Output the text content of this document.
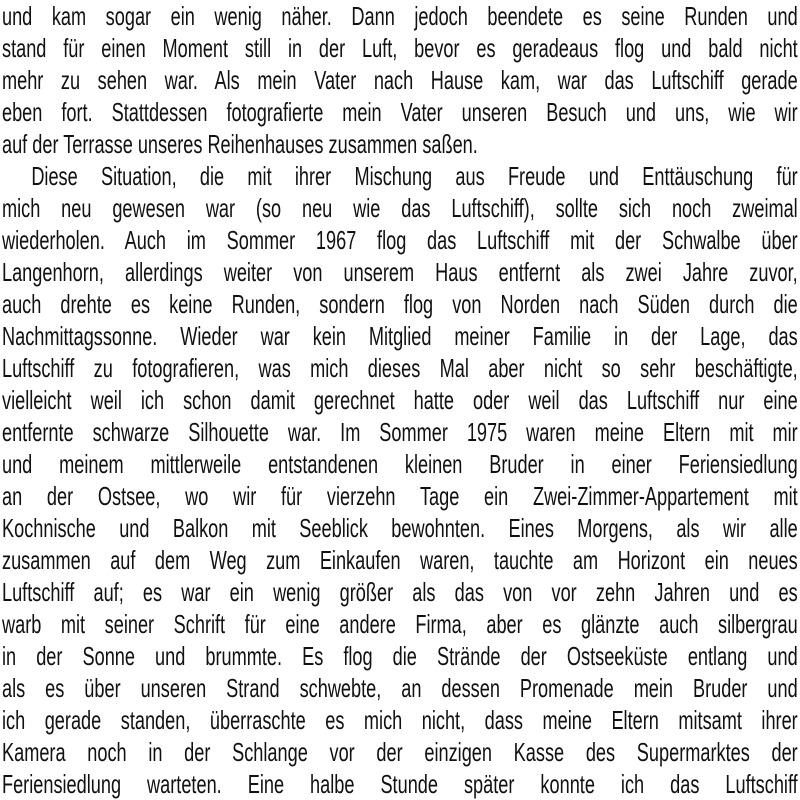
und kam sogar ein wenig näher. Dann jedoch beendete es seine Runden und
stand für einen Moment still in der Luft, bevor es geradeaus flog und bald nicht
mehr zu sehen war. Als mein Vater nach Hause kam, war das Luftschiff gerade
eben fort. Stattdessen fotografierte mein Vater unseren Besuch und uns, wie wir
auf der Terrasse unseres Reihenhauses zusammen saßen.
Diese Situation, die mit ihrer Mischung aus Freude und Enttäuschung für
mich neu gewesen war (so neu wie das Luftschiff), sollte sich noch zweimal
wiederholen. Auch im Sommer 1967 flog das Luftschiff mit der Schwalbe über
Langenhorn, allerdings weiter von unserem Haus entfernt als zwei Jahre zuvor,
auch drehte es keine Runden, sondern flog von Norden nach Süden durch die
Nachmittagssonne. Wieder war kein Mitglied meiner Familie in der Lage, das
Luftschiff zu fotografieren, was mich dieses Mal aber nicht so sehr beschäftigte,
vielleicht weil ich schon damit gerechnet hatte oder weil das Luftschiff nur eine
entfernte schwarze Silhouette war. Im Sommer 1975 waren meine Eltern mit mir
und meinem mittlerweile entstandenen kleinen Bruder in einer Feriensiedlung
an der Ostsee, wo wir für vierzehn Tage ein Zwei-Zimmer-Appartement mit
Kochnische und Balkon mit Seeblick bewohnten. Eines Morgens, als wir alle
zusammen auf dem Weg zum Einkaufen waren, tauchte am Horizont ein neues
Luftschiff auf; es war ein wenig größer als das von vor zehn Jahren und es
warb mit seiner Schrift für eine andere Firma, aber es glänzte auch silbergrau
in der Sonne und brummte. Es flog die Strände der Ostseeküste entlang und
als es über unseren Strand schwebte, an dessen Promenade mein Bruder und
ich gerade standen, überraschte es mich nicht, dass meine Eltern mitsamt ihrer
Kamera noch in der Schlange vor der einzigen Kasse des Supermarktes der
Feriensiedlung warteten. Eine halbe Stunde später konnte ich das Luftschiff
